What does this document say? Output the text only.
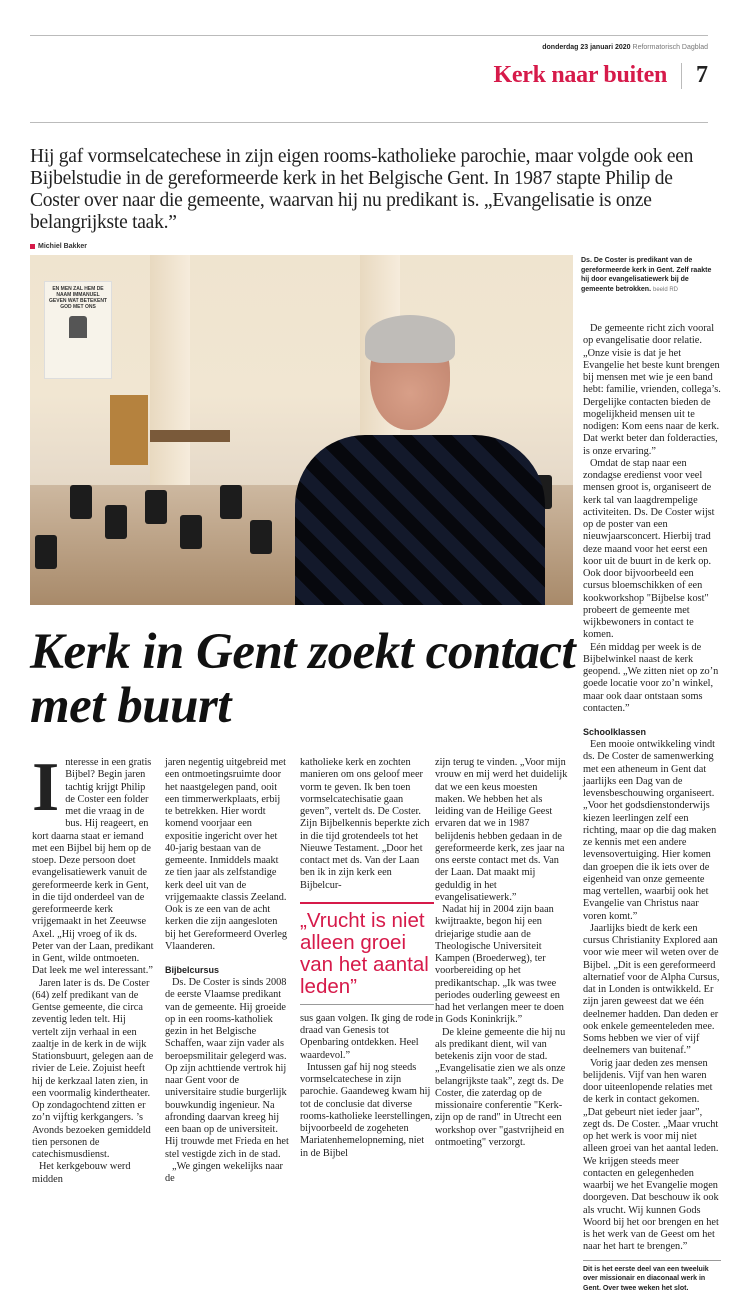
donderdag 23 januari 2020 Reformatorisch Dagblad
Kerk naar buiten 7
Hij gaf vormselcatechese in zijn eigen rooms-katholieke parochie, maar volgde ook een Bijbelstudie in de gereformeerde kerk in het Belgische Gent. In 1987 stapte Philip de Coster over naar die gemeente, waarvan hij nu predikant is. „Evangelisatie is onze belangrijkste taak.”
Michiel Bakker
EN MEN ZAL HEM DE NAAM IMMANUEL GEVEN WAT BETEKENT GOD MET ONS
Ds. De Coster is predikant van de gereformeerde kerk in Gent. Zelf raakte hij door evangelisatiewerk bij de gemeente betrokken. beeld RD
Kerk in Gent zoekt contact met buurt
I nteresse in een gratis Bijbel? Begin jaren tachtig krijgt Philip de Coster een folder met die vraag in de bus. Hij reageert, en kort daarna staat er iemand met een Bijbel bij hem op de stoep. Deze persoon doet evangelisatiewerk vanuit de gereformeerde kerk in Gent, in die tijd onderdeel van de gereformeerde kerk vrijgemaakt in het Zeeuwse Axel. „Hij vroeg of ik ds. Peter van der Laan, predikant in Gent, wilde ontmoeten. Dat leek me wel interessant.”

Jaren later is ds. De Coster (64) zelf predikant van de Gentse gemeente, die circa zeventig leden telt. Hij vertelt zijn verhaal in een zaaltje in de kerk in de wijk Stationsbuurt, gelegen aan de rivier de Leie. Zojuist heeft hij de kerkzaal laten zien, in een voormalig kindertheater. Op zondagochtend zitten er zo’n vijftig kerkgangers. ’s Avonds bezoeken gemiddeld tien personen de catechismusdienst.

Het kerkgebouw werd midden

jaren negentig uitgebreid met een ontmoetingsruimte door het naastgelegen pand, ooit een timmerwerkplaats, erbij te betrekken. Hier wordt komend voorjaar een expositie ingericht over het 40-jarig bestaan van de gemeente. Inmiddels maakt ze tien jaar als zelfstandige kerk deel uit van de vrijgemaakte classis Zeeland. Ook is ze een van de acht kerken die zijn aangesloten bij het Gereformeerd Overleg Vlaanderen.

Bijbelcursus

Ds. De Coster is sinds 2008 de eerste Vlaamse predikant van de gemeente. Hij groeide op in een rooms-katholiek gezin in het Belgische Schaffen, waar zijn vader als beroepsmilitair gelegerd was. Op zijn achttiende vertrok hij naar Gent voor de universitaire studie burgerlijk bouwkundig ingenieur. Na afronding daarvan kreeg hij een baan op de universiteit. Hij trouwde met Frieda en het stel vestigde zich in de stad.

„We gingen wekelijks naar de

katholieke kerk en zochten manieren om ons geloof meer vorm te geven. Ik ben toen vormselcatechisatie gaan geven”, vertelt ds. De Coster. Zijn Bijbelkennis beperkte zich in die tijd grotendeels tot het Nieuwe Testament. „Door het contact met ds. Van der Laan ben ik in zijn kerk een Bijbelcur-

„Vrucht is niet alleen groei van het aantal leden”

sus gaan volgen. Ik ging de rode draad van Genesis tot Openbaring ontdekken. Heel waardevol.”

Intussen gaf hij nog steeds vormselcatechese in zijn parochie. Gaandeweg kwam hij tot de conclusie dat diverse rooms-katholieke leerstellingen, bijvoorbeeld de zogeheten Mariatenhemelopneming, niet in de Bijbel

zijn terug te vinden. „Voor mijn vrouw en mij werd het duidelijk dat we een keus moesten maken. We hebben het als leiding van de Heilige Geest ervaren dat we in 1987 belijdenis hebben gedaan in de gereformeerde kerk, zes jaar na ons eerste contact met ds. Van der Laan. Dat maakt mij geduldig in het evangelisatiewerk.”

Nadat hij in 2004 zijn baan kwijtraakte, begon hij een driejarige studie aan de Theologische Universiteit Kampen (Broederweg), ter voorbereiding op het predikantschap. „Ik was twee periodes ouderling geweest en had het verlangen meer te doen in Gods Koninkrijk.”

De kleine gemeente die hij nu als predikant dient, wil van betekenis zijn voor de stad. „Evangelisatie zien we als onze belangrijkste taak”, zegt ds. De Coster, die zaterdag op de missionaire conferentie "Kerk-zijn op de rand" in Utrecht een workshop over "gastvrijheid en ontmoeting" verzorgt.

De gemeente richt zich vooral op evangelisatie door relatie. „Onze visie is dat je het Evangelie het beste kunt brengen bij mensen met wie je een band hebt: familie, vrienden, collega’s. Dergelijke contacten bieden de mogelijkheid mensen uit te nodigen: Kom eens naar de kerk. Dat werkt beter dan folderacties, is onze ervaring.”

Omdat de stap naar een zondagse eredienst voor veel mensen groot is, organiseert de kerk tal van laagdrempelige activiteiten. Ds. De Coster wijst op de poster van een nieuwjaarsconcert. Hierbij trad deze maand voor het eerst een koor uit de buurt in de kerk op. Ook door bijvoorbeeld een cursus bloemschikken of een kookworkshop "Bijbelse kost" probeert de gemeente met wijkbewoners in contact te komen.

Eén middag per week is de Bijbelwinkel naast de kerk geopend. „We zitten niet op zo’n goede locatie voor zo’n winkel, maar ook daar ontstaan soms contacten.”

Schoolklassen

Een mooie ontwikkeling vindt ds. De Coster de samenwerking met een atheneum in Gent dat jaarlijks een Dag van de levensbeschouwing organiseert. „Voor het godsdienstonderwijs kiezen leerlingen zelf een richting, maar op die dag maken ze kennis met een andere levensovertuiging. Hier komen dan groepen die ik iets over de eigenheid van onze gemeente mag vertellen, waarbij ook het Evangelie van Christus naar voren komt.”

Jaarlijks biedt de kerk een cursus Christianity Explored aan voor wie meer wil weten over de Bijbel. „Dit is een gereformeerd alternatief voor de Alpha Cursus, dat in Londen is ontwikkeld. Er zijn jaren geweest dat we één deelnemer hadden. Dan deden er ook enkele gemeenteleden mee. Soms hebben we vier of vijf deelnemers van buitenaf.”

Vorig jaar deden zes mensen belijdenis. Vijf van hen waren door uiteenlopende relaties met de kerk in contact gekomen. „Dat gebeurt niet ieder jaar”, zegt ds. De Coster. „Maar vrucht op het werk is voor mij niet alleen groei van het aantal leden. We krijgen steeds meer contacten en gelegenheden waarbij we het Evangelie mogen doorgeven. Dat beschouw ik ook als vrucht. Wij kunnen Gods Woord bij het oor brengen en het is het werk van de Geest om het naar het hart te brengen.”

Dit is het eerste deel van een tweeluik over missionair en diaconaal werk in Gent. Over twee weken het slot.
